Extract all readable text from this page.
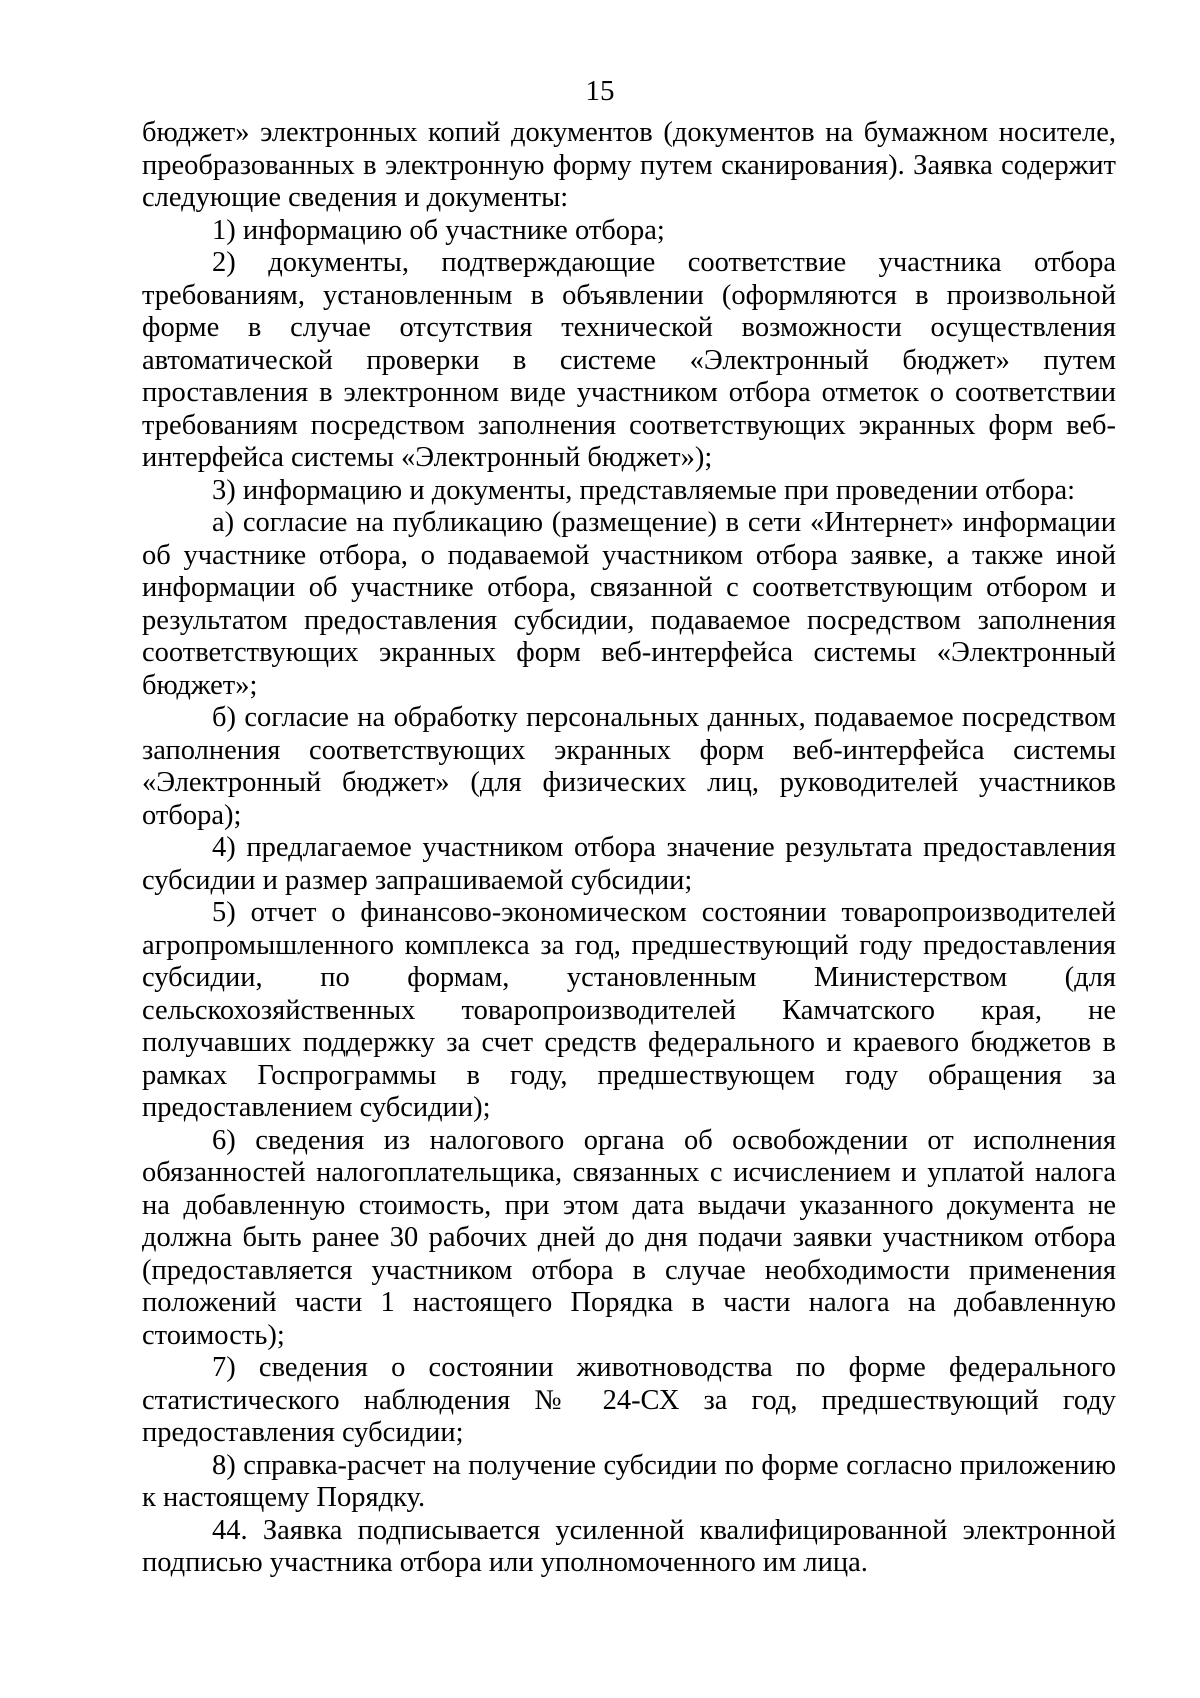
15

бюджет» электронных копий документов (документов на бумажном носителе, преобразованных в электронную форму путем сканирования). Заявка содержит следующие сведения и документы:

1) информацию об участнике отбора;

2) документы, подтверждающие соответствие участника отбора требованиям, установленным в объявлении (оформляются в произвольной форме в случае отсутствия технической возможности осуществления автоматической проверки в системе «Электронный бюджет» путем проставления в электронном виде участником отбора отметок о соответствии требованиям посредством заполнения соответствующих экранных форм веб-интерфейса системы «Электронный бюджет»);

3) информацию и документы, представляемые при проведении отбора:

а) согласие на публикацию (размещение) в сети «Интернет» информации об участнике отбора, о подаваемой участником отбора заявке, а также иной информации об участнике отбора, связанной с соответствующим отбором и результатом предоставления субсидии, подаваемое посредством заполнения соответствующих экранных форм веб-интерфейса системы «Электронный бюджет»;

б) согласие на обработку персональных данных, подаваемое посредством заполнения соответствующих экранных форм веб-интерфейса системы «Электронный бюджет» (для физических лиц, руководителей участников отбора);

4) предлагаемое участником отбора значение результата предоставления субсидии и размер запрашиваемой субсидии;

5) отчет о финансово-экономическом состоянии товаропроизводителей агропромышленного комплекса за год, предшествующий году предоставления субсидии, по формам, установленным Министерством (для сельскохозяйственных товаропроизводителей Камчатского края, не получавших поддержку за счет средств федерального и краевого бюджетов в рамках Госпрограммы в году, предшествующем году обращения за предоставлением субсидии);

6) сведения из налогового органа об освобождении от исполнения обязанностей налогоплательщика, связанных с исчислением и уплатой налога на добавленную стоимость, при этом дата выдачи указанного документа не должна быть ранее 30 рабочих дней до дня подачи заявки участником отбора (предоставляется участником отбора в случае необходимости применения положений части 1 настоящего Порядка в части налога на добавленную стоимость);

7) сведения о состоянии животноводства по форме федерального статистического наблюдения № 24-СХ за год, предшествующий году предоставления субсидии;

8) справка-расчет на получение субсидии по форме согласно приложению к настоящему Порядку.

44. Заявка подписывается усиленной квалифицированной электронной подписью участника отбора или уполномоченного им лица.
